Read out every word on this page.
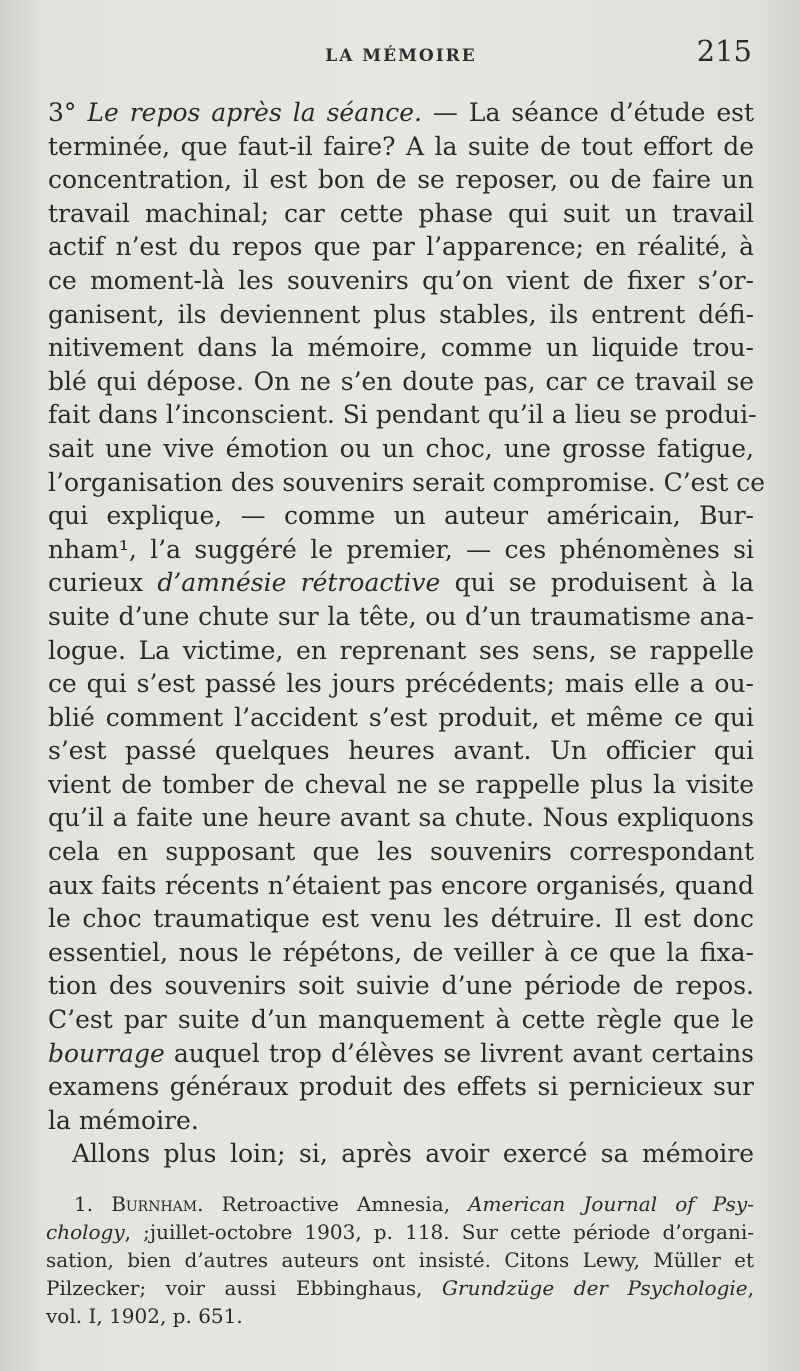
LA MÉMOIRE	215
3° Le repos après la séance. — La séance d’étude est
terminée, que faut-il faire? A la suite de tout effort de
concentration, il est bon de se reposer, ou de faire un
travail machinal; car cette phase qui suit un travail
actif n’est du repos que par l’apparence; en réalité, à
ce moment-là les souvenirs qu’on vient de fixer s’or-
ganisent, ils deviennent plus stables, ils entrent défi-
nitivement dans la mémoire, comme un liquide trou-
blé qui dépose. On ne s’en doute pas, car ce travail se
fait dans l’inconscient. Si pendant qu’il a lieu se produi-
sait une vive émotion ou un choc, une grosse fatigue,
l’organisation des souvenirs serait compromise. C’est ce
qui explique, — comme un auteur américain, Bur-
nham¹, l’a suggéré le premier, — ces phénomènes si
curieux d’amnésie rétroactive qui se produisent à la
suite d’une chute sur la tête, ou d’un traumatisme ana-
logue. La victime, en reprenant ses sens, se rappelle
ce qui s’est passé les jours précédents; mais elle a ou-
blié comment l’accident s’est produit, et même ce qui
s’est passé quelques heures avant. Un officier qui
vient de tomber de cheval ne se rappelle plus la visite
qu’il a faite une heure avant sa chute. Nous expliquons
cela en supposant que les souvenirs correspondant
aux faits récents n’étaient pas encore organisés, quand
le choc traumatique est venu les détruire. Il est donc
essentiel, nous le répétons, de veiller à ce que la fixa-
tion des souvenirs soit suivie d’une période de repos.
C’est par suite d’un manquement à cette règle que le
bourrage auquel trop d’élèves se livrent avant certains
examens généraux produit des effets si pernicieux sur
la mémoire.
Allons plus loin; si, après avoir exercé sa mémoire
1. Burnham. Retroactive Amnesia, American Journal of Psy-
chology, ;juillet-octobre 1903, p. 118. Sur cette période d’organi-
sation, bien d’autres auteurs ont insisté. Citons Lewy, Müller et
Pilzecker; voir aussi Ebbinghaus, Grundzüge der Psychologie,
vol. I, 1902, p. 651.
